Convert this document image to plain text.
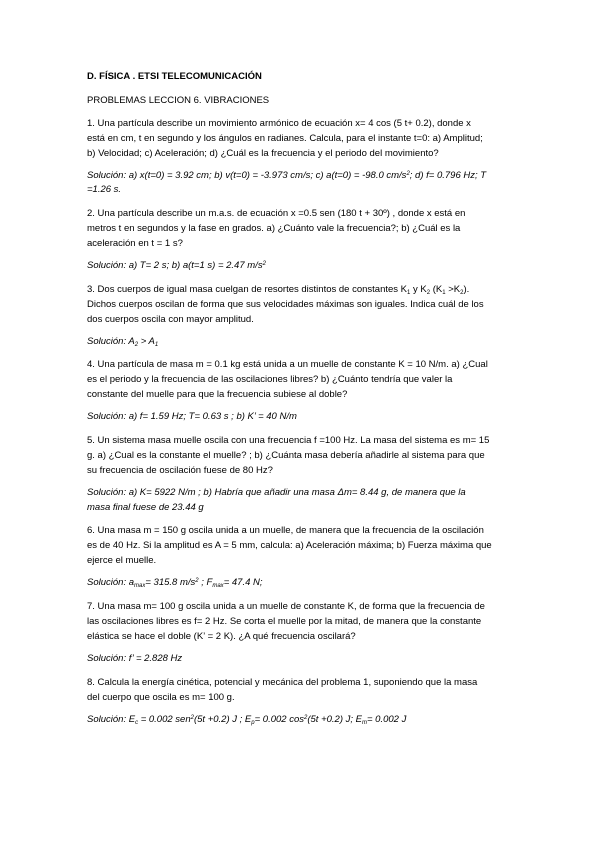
D. FÍSICA . ETSI TELECOMUNICACIÓN
PROBLEMAS LECCION 6. VIBRACIONES
1. Una partícula describe un movimiento armónico de ecuación x= 4 cos (5 t+ 0.2), donde x
está en cm, t en segundo y los ángulos en radianes. Calcula, para el instante t=0: a) Amplitud;
b) Velocidad; c) Aceleración; d) ¿Cuál es la frecuencia y el periodo del movimiento?
Solución: a) x(t=0) = 3.92 cm; b) v(t=0) = -3.973 cm/s; c) a(t=0) = -98.0 $cm/s^2$; d) f= 0.796 Hz; T
=1.26 s.
2. Una partícula describe un m.a.s. de ecuación x =0.5 sen (180 t + 30º) , donde x está en
metros t en segundos y la fase en grados. a) ¿Cuánto vale la frecuencia?; b) ¿Cuál es la
aceleración en t = 1 s?
Solución: a) T= 2 s; b) a(t=1 s) = 2.47 $m/s^2$
3. Dos cuerpos de igual masa cuelgan de resortes distintos de constantes $K_1$ y $K_2$ $(K_1 >K_2)$.
Dichos cuerpos oscilan de forma que sus velocidades máximas son iguales. Indica cuál de los
dos cuerpos oscila con mayor amplitud.
Solución: $A_2 > A_1$
4. Una partícula de masa m = 0.1 kg está unida a un muelle de constante K = 10 N/m. a) ¿Cual
es el periodo y la frecuencia de las oscilaciones libres? b) ¿Cuánto tendría que valer la
constante del muelle para que la frecuencia subiese al doble?
Solución: a) f= 1.59 Hz; T= 0.63 s ; b) K’ = 40 N/m
5. Un sistema masa muelle oscila con una frecuencia f =100 Hz. La masa del sistema es m= 15
g. a) ¿Cual es la constante el muelle? ; b) ¿Cuánta masa debería añadirle al sistema para que
su frecuencia de oscilación fuese de 80 Hz?
Solución: a) K= 5922 N/m ; b) Habría que añadir una masa Δm= 8.44 g, de manera que la
masa final fuese de 23.44 g
6. Una masa m = 150 g oscila unida a un muelle, de manera que la frecuencia de la oscilación
es de 40 Hz. Si la amplitud es A = 5 mm, calcula: a) Aceleración máxima; b) Fuerza máxima que
ejerce el muelle.
Solución: $a_{max}= 315.8$ $m/s^2$ ; $F_{max}= 47.4$ N;
7. Una masa m= 100 g oscila unida a un muelle de constante K, de forma que la frecuencia de
las oscilaciones libres es f= 2 Hz. Se corta el muelle por la mitad, de manera que la constante
elástica se hace el doble (K’ = 2 K). ¿A qué frecuencia oscilará?
Solución: f’ = 2.828 Hz
8. Calcula la energía cinética, potencial y mecánica del problema 1, suponiendo que la masa
del cuerpo que oscila es m= 100 g.
Solución: $E_c = 0.002$ sen$^2$(5t +0.2) J ; $E_p= 0.002$ $\cos^2(5t +0.2)$ J; $E_m= 0.002$ J
